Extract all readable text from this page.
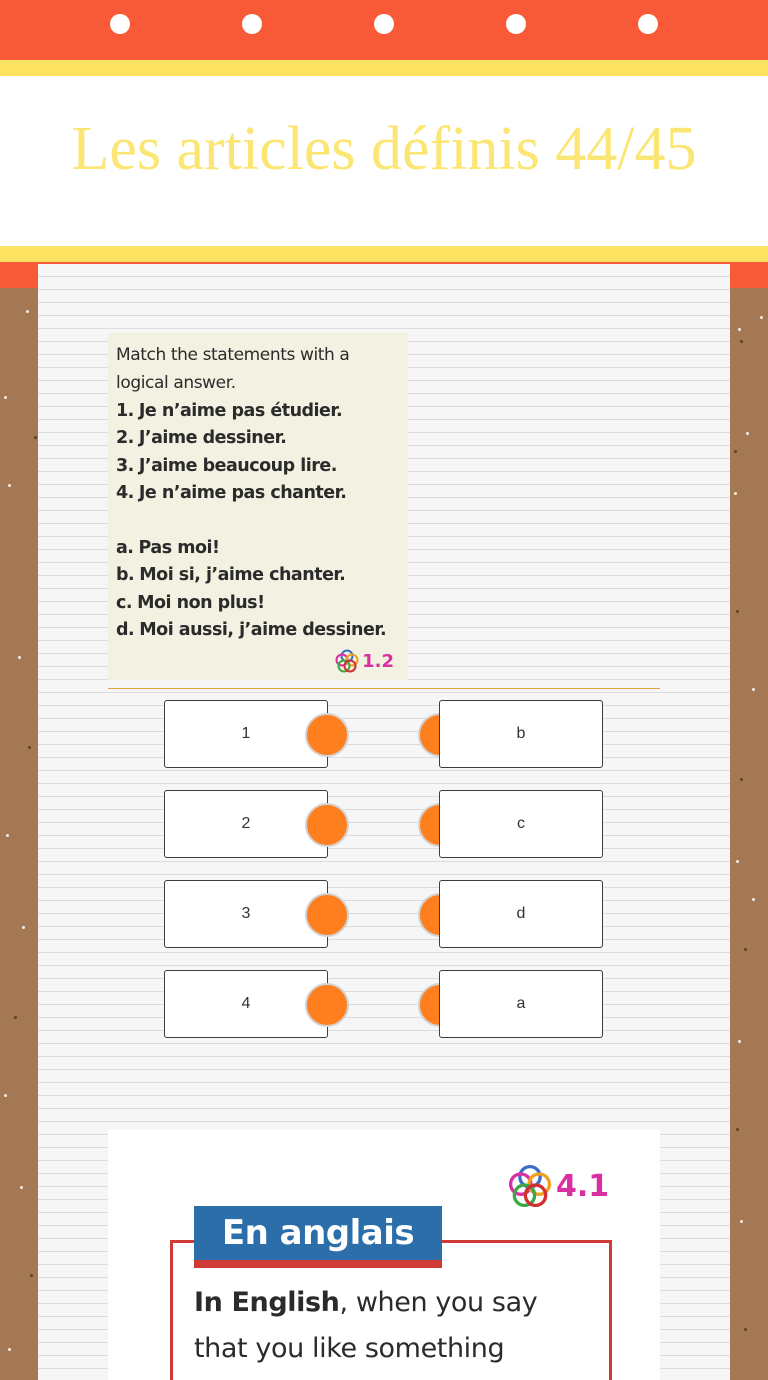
Les articles définis 44/45
Match the statements with a logical answer.
1. Je n’aime pas étudier.
2. J’aime dessiner.
3. J’aime beaucoup lire.
4. Je n’aime pas chanter.
a. Pas moi!
b. Moi si, j’aime chanter.
c. Moi non plus!
d. Moi aussi, j’aime dessiner.
1.2
1	b
2	c
3	d
4	a
4.1
En anglais
In English, when you say
that you like something
